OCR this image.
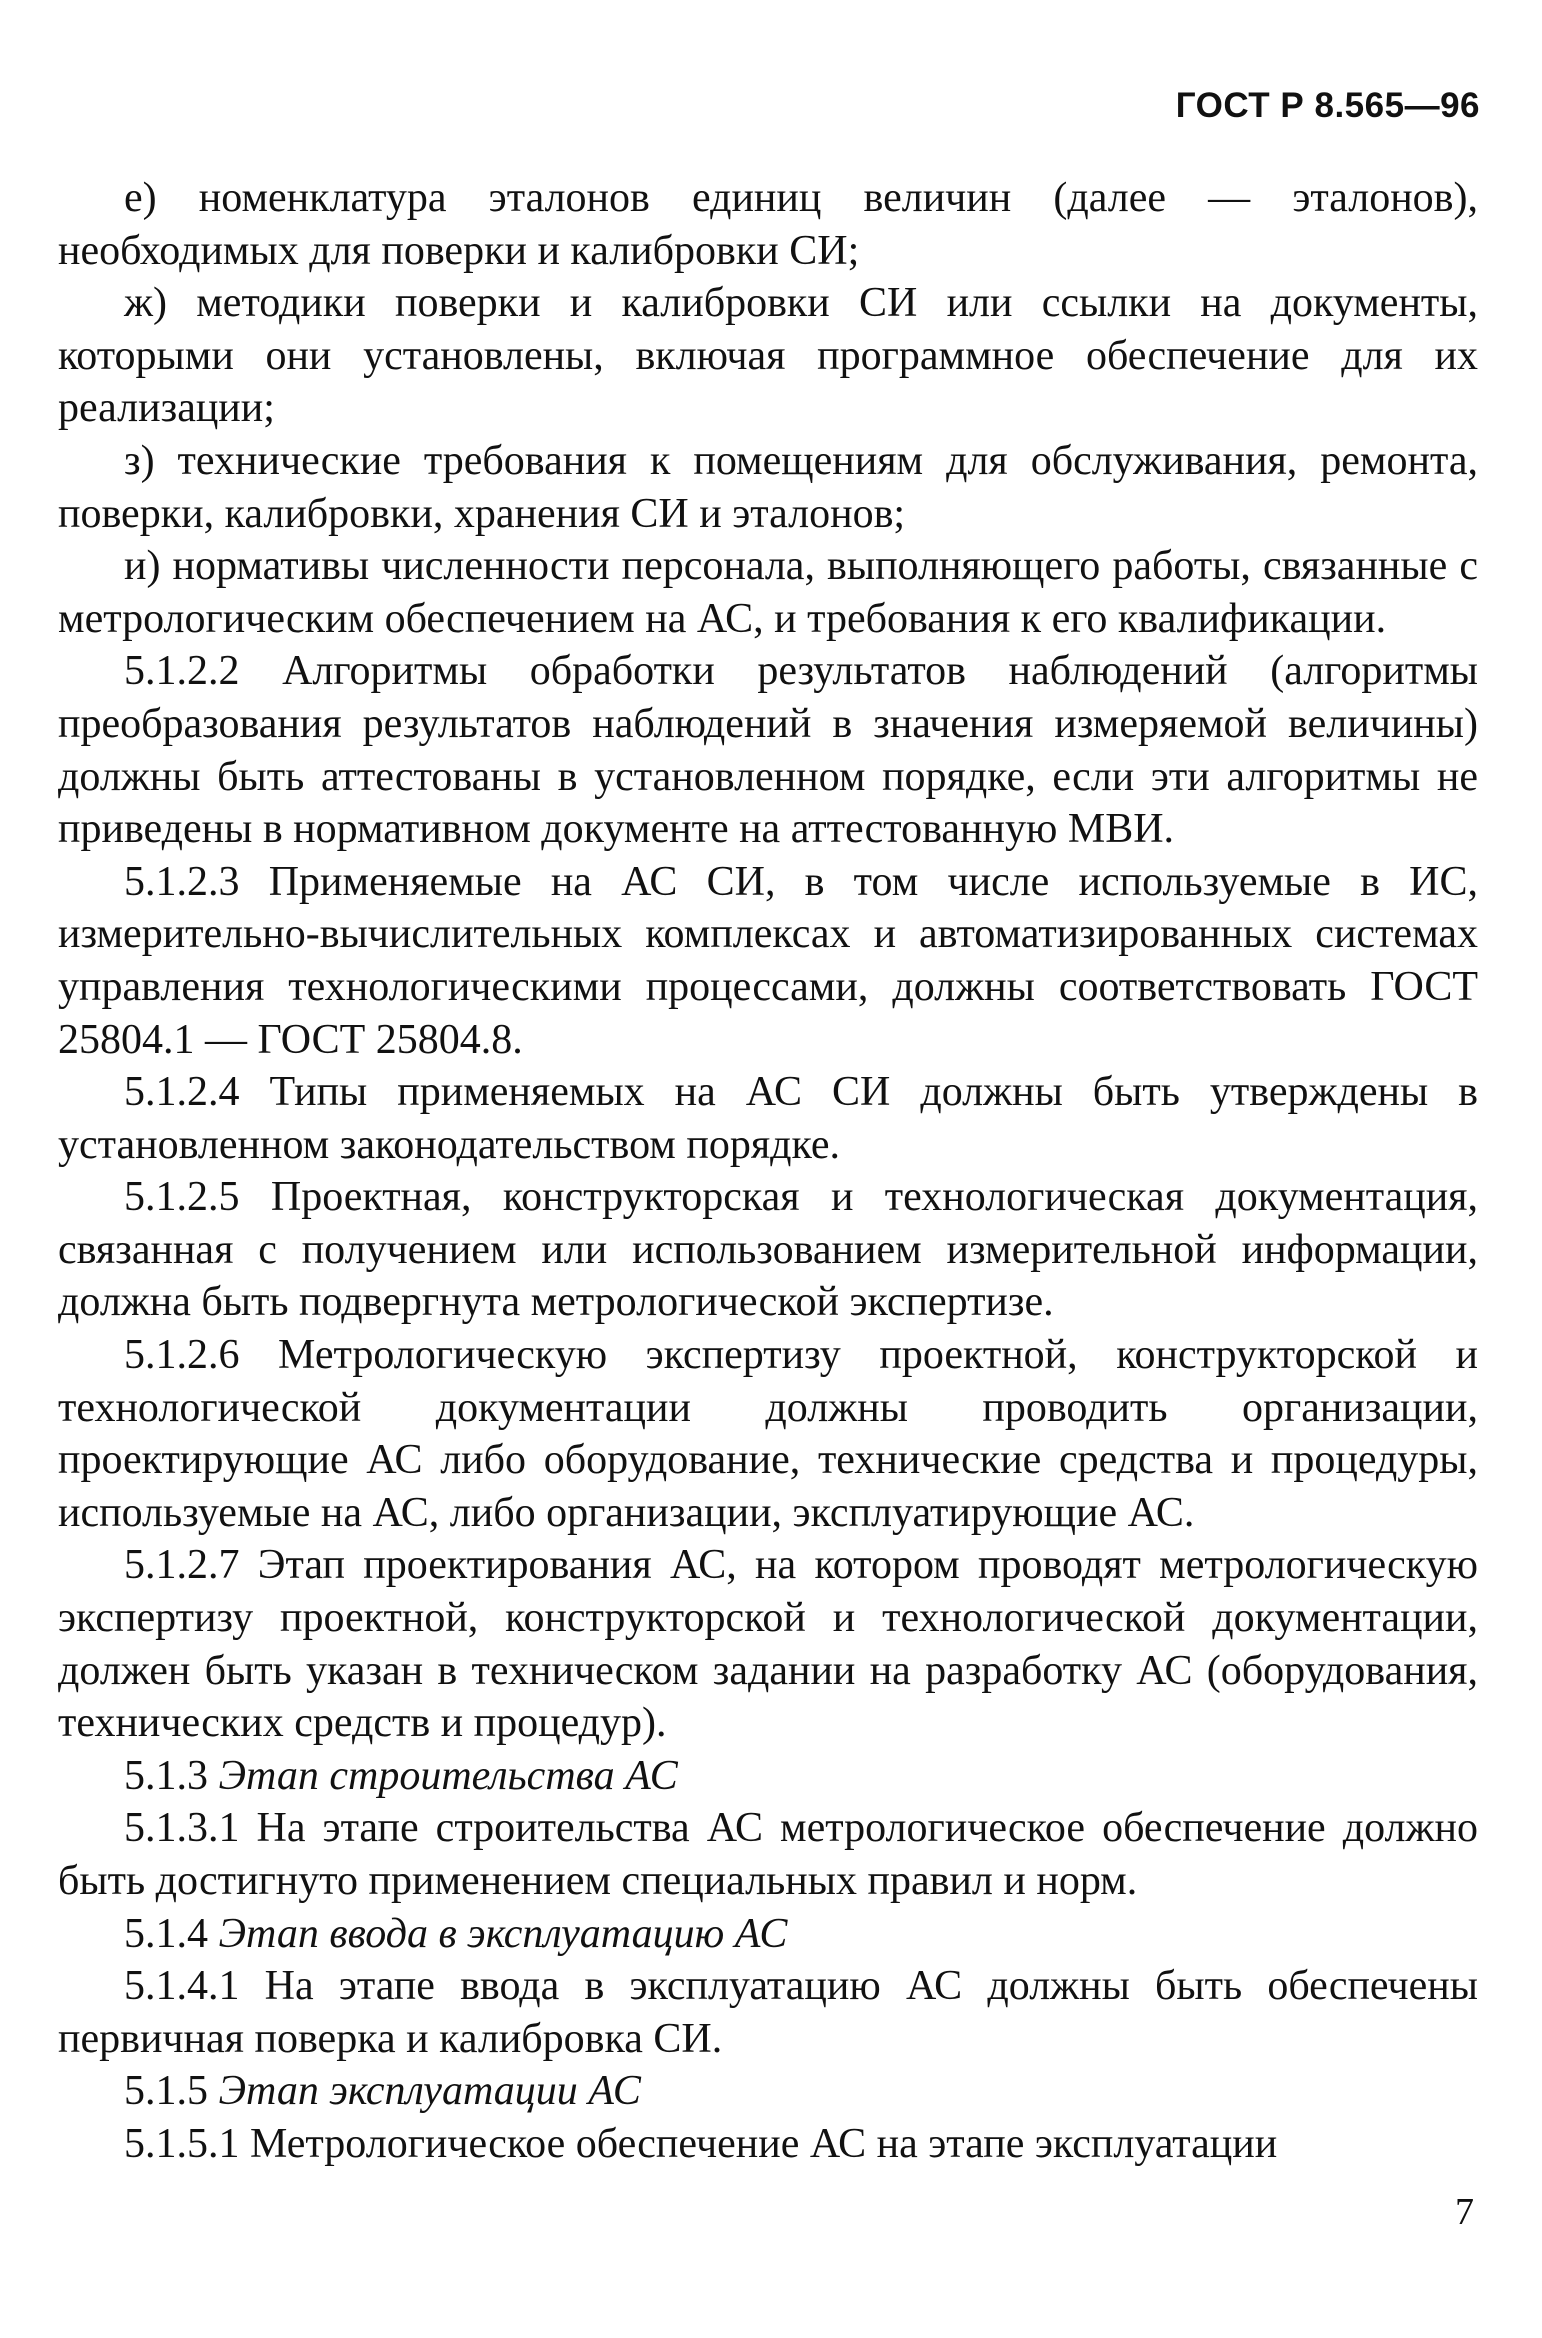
ГОСТ Р 8.565—96

е) номенклатура эталонов единиц величин (далее — эталонов), необходимых для поверки и калибровки СИ;

ж) методики поверки и калибровки СИ или ссылки на документы, которыми они установлены, включая программное обеспечение для их реализации;

з) технические требования к помещениям для обслуживания, ремонта, поверки, калибровки, хранения СИ и эталонов;

и) нормативы численности персонала, выполняющего работы, связанные с метрологическим обеспечением на АС, и требования к его квалификации.

5.1.2.2 Алгоритмы обработки результатов наблюдений (алгоритмы преобразования результатов наблюдений в значения измеряемой величины) должны быть аттестованы в установленном порядке, если эти алгоритмы не приведены в нормативном документе на аттестованную МВИ.

5.1.2.3 Применяемые на АС СИ, в том числе используемые в ИС, измерительно-вычислительных комплексах и автоматизированных системах управления технологическими процессами, должны соответствовать ГОСТ 25804.1 — ГОСТ 25804.8.

5.1.2.4 Типы применяемых на АС СИ должны быть утверждены в установленном законодательством порядке.

5.1.2.5 Проектная, конструкторская и технологическая документация, связанная с получением или использованием измерительной информации, должна быть подвергнута метрологической экспертизе.

5.1.2.6 Метрологическую экспертизу проектной, конструкторской и технологической документации должны проводить организации, проектирующие АС либо оборудование, технические средства и процедуры, используемые на АС, либо организации, эксплуатирующие АС.

5.1.2.7 Этап проектирования АС, на котором проводят метрологическую экспертизу проектной, конструкторской и технологической документации, должен быть указан в техническом задании на разработку АС (оборудования, технических средств и процедур).

5.1.3 Этап строительства АС

5.1.3.1 На этапе строительства АС метрологическое обеспечение должно быть достигнуто применением специальных правил и норм.

5.1.4 Этап ввода в эксплуатацию АС

5.1.4.1 На этапе ввода в эксплуатацию АС должны быть обеспечены первичная поверка и калибровка СИ.

5.1.5 Этап эксплуатации АС

5.1.5.1 Метрологическое обеспечение АС на этапе эксплуатации

7
